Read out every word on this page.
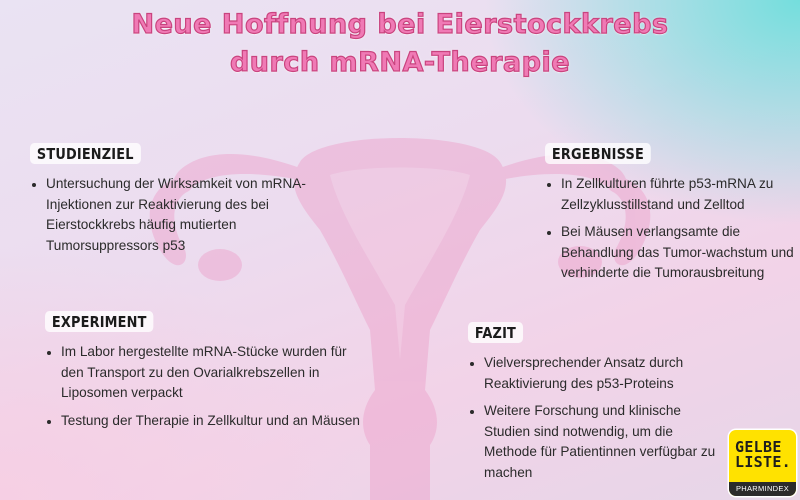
Neue Hoffnung bei Eierstockkrebs
durch mRNA-Therapie
STUDIENZIEL
Untersuchung der Wirksamkeit von mRNA-Injektionen zur Reaktivierung des bei Eierstockkrebs häufig mutierten Tumorsuppressors p53
ERGEBNISSE
In Zellkulturen führte p53-mRNA zu Zellzyklusstillstand und Zelltod
Bei Mäusen verlangsamte die Behandlung das Tumor-wachstum und verhinderte die Tumorausbreitung
EXPERIMENT
Im Labor hergestellte mRNA-Stücke wurden für den Transport zu den Ovarialkrebszellen in Liposomen verpackt
Testung der Therapie in Zellkultur und an Mäusen
FAZIT
Vielversprechender Ansatz durch Reaktivierung des p53-Proteins
Weitere Forschung und klinische Studien sind notwendig, um die Methode für Patientinnen verfügbar zu machen
GELBE
LISTE.
PHARMINDEX
